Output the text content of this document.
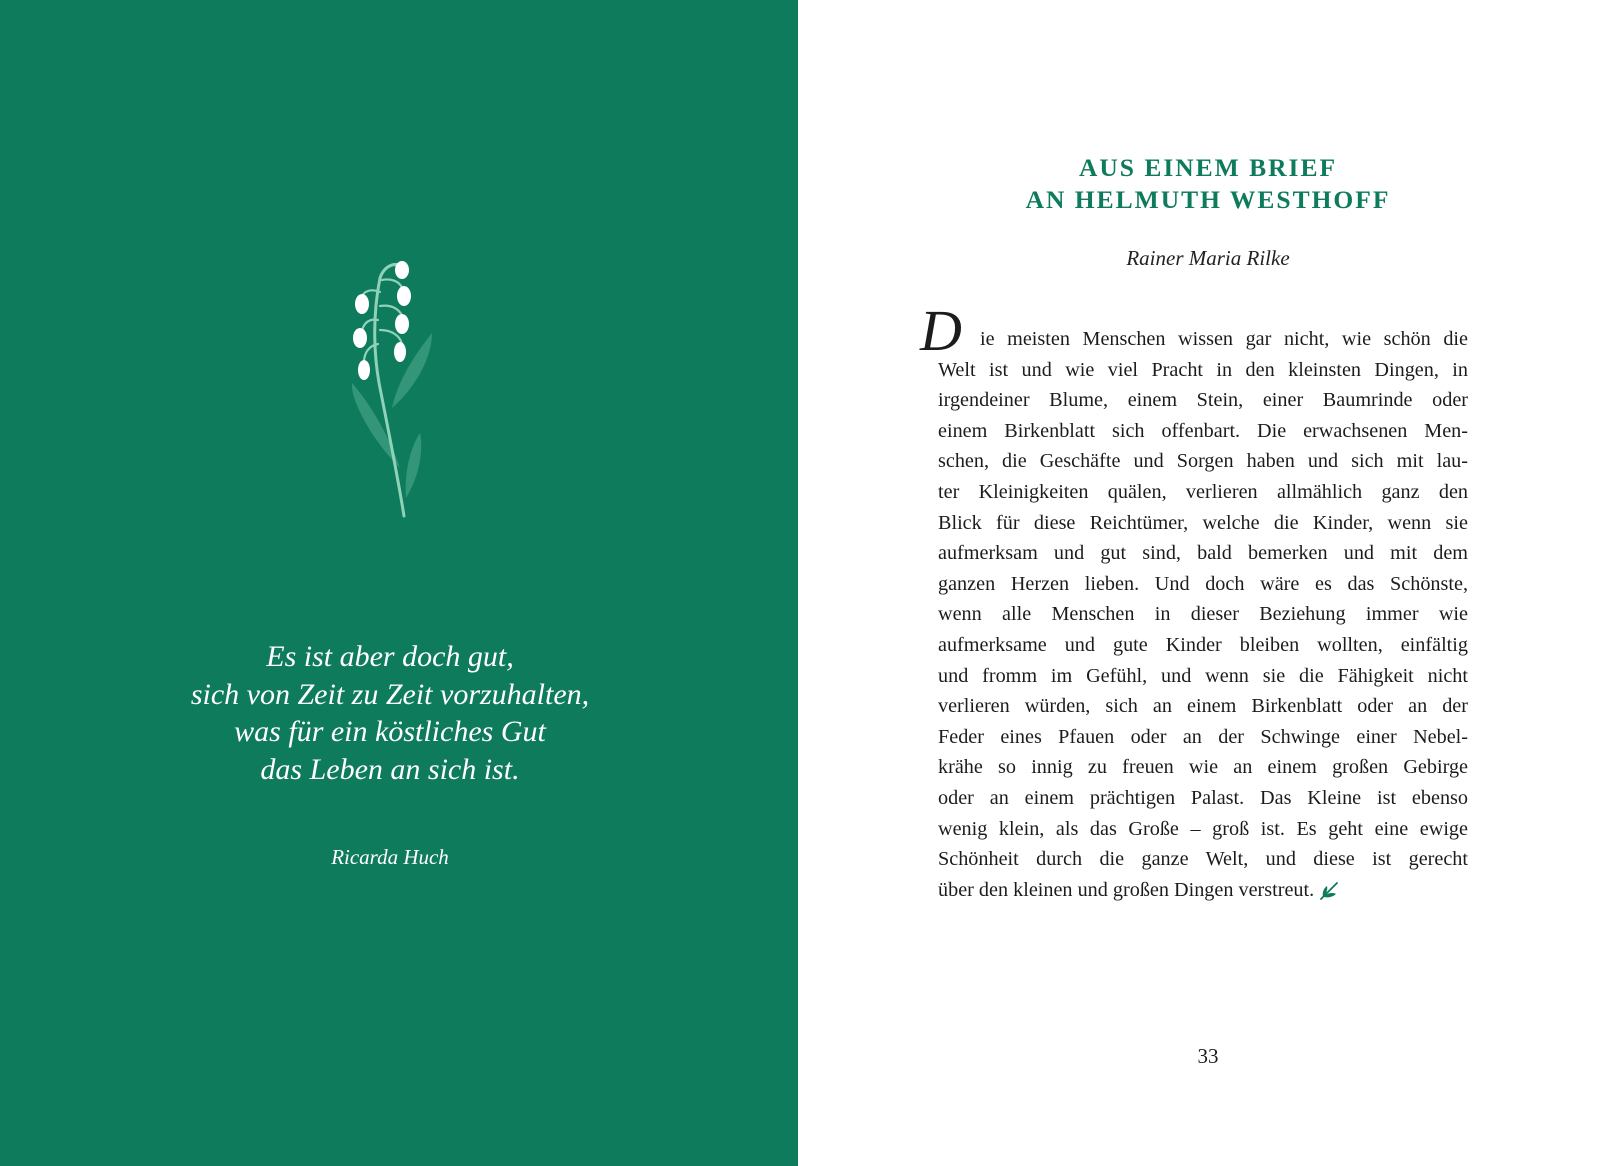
Es ist aber doch gut,
sich von Zeit zu Zeit vorzuhalten,
was für ein köstliches Gut
das Leben an sich ist.
Ricarda Huch
AUS EINEM BRIEF
AN HELMUTH WESTHOFF
Rainer Maria Rilke
D ie meisten Menschen wissen gar nicht, wie schön die
Welt ist und wie viel Pracht in den kleinsten Dingen, in
irgendeiner Blume, einem Stein, einer Baumrinde oder
einem Birkenblatt sich offenbart. Die erwachsenen Men-
schen, die Geschäfte und Sorgen haben und sich mit lau-
ter Kleinigkeiten quälen, verlieren allmählich ganz den
Blick für diese Reichtümer, welche die Kinder, wenn sie
aufmerksam und gut sind, bald bemerken und mit dem
ganzen Herzen lieben. Und doch wäre es das Schönste,
wenn alle Menschen in dieser Beziehung immer wie
aufmerksame und gute Kinder bleiben wollten, einfältig
und fromm im Gefühl, und wenn sie die Fähigkeit nicht
verlieren würden, sich an einem Birkenblatt oder an der
Feder eines Pfauen oder an der Schwinge einer Nebel-
krähe so innig zu freuen wie an einem großen Gebirge
oder an einem prächtigen Palast. Das Kleine ist ebenso
wenig klein, als das Große – groß ist. Es geht eine ewige
Schönheit durch die ganze Welt, und diese ist gerecht
über den kleinen und großen Dingen verstreut.
33
